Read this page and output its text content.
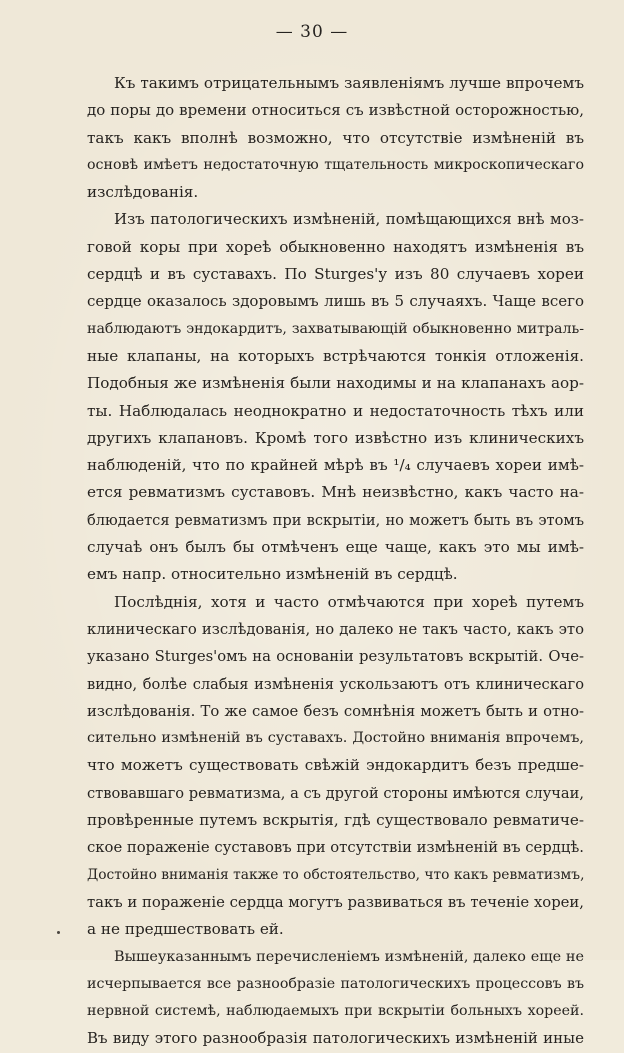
— 30 —
Къ такимъ отрицательнымъ заявленіямъ лучше впрочемъ
до поры до времени относиться съ извѣстной осторожностью,
такъ какъ вполнѣ возможно, что отсутствіе измѣненій въ
основѣ имѣетъ недостаточную тщательность микроскопическаго
изслѣдованія.
Изъ патологическихъ измѣненій, помѣщающихся внѣ моз-
говой коры при хореѣ обыкновенно находятъ измѣненія въ
сердцѣ и въ суставахъ. По Sturges'у изъ 80 случаевъ хореи
сердце оказалось здоровымъ лишь въ 5 случаяхъ. Чаще всего
наблюдаютъ эндокардитъ, захватывающій обыкновенно митраль-
ные клапаны, на которыхъ встрѣчаются тонкія отложенія.
Подобныя же измѣненія были находимы и на клапанахъ аор-
ты. Наблюдалась неоднократно и недостаточность тѣхъ или
другихъ клапановъ. Кромѣ того извѣстно изъ клиническихъ
наблюденій, что по крайней мѣрѣ въ ¹/₄ случаевъ хореи имѣ-
ется ревматизмъ суставовъ. Мнѣ неизвѣстно, какъ часто на-
блюдается ревматизмъ при вскрытіи, но можетъ быть въ этомъ
случаѣ онъ былъ бы отмѣченъ еще чаще, какъ это мы имѣ-
емъ напр. относительно измѣненій въ сердцѣ.
Послѣднія, хотя и часто отмѣчаются при хореѣ путемъ
клиническаго изслѣдованія, но далеко не такъ часто, какъ это
указано Sturges'омъ на основаніи результатовъ вскрытій. Оче-
видно, болѣе слабыя измѣненія ускользаютъ отъ клиническаго
изслѣдованія. То же самое безъ сомнѣнія можетъ быть и отно-
сительно измѣненій въ суставахъ. Достойно вниманія впрочемъ,
что можетъ существовать свѣжій эндокардитъ безъ предше-
ствовавшаго ревматизма, а съ другой стороны имѣются случаи,
провѣренные путемъ вскрытія, гдѣ существовало ревматиче-
ское пораженіе суставовъ при отсутствіи измѣненій въ сердцѣ.
Достойно вниманія также то обстоятельство, что какъ ревматизмъ,
такъ и пораженіе сердца могутъ развиваться въ теченіе хореи,
а не предшествовать ей.
Вышеуказаннымъ перечисленіемъ измѣненій, далеко еще не
исчерпывается все разнообразіе патологическихъ процессовъ въ
нервной системѣ, наблюдаемыхъ при вскрытіи больныхъ хореей.
Въ виду этого разнообразія патологическихъ измѣненій иные
